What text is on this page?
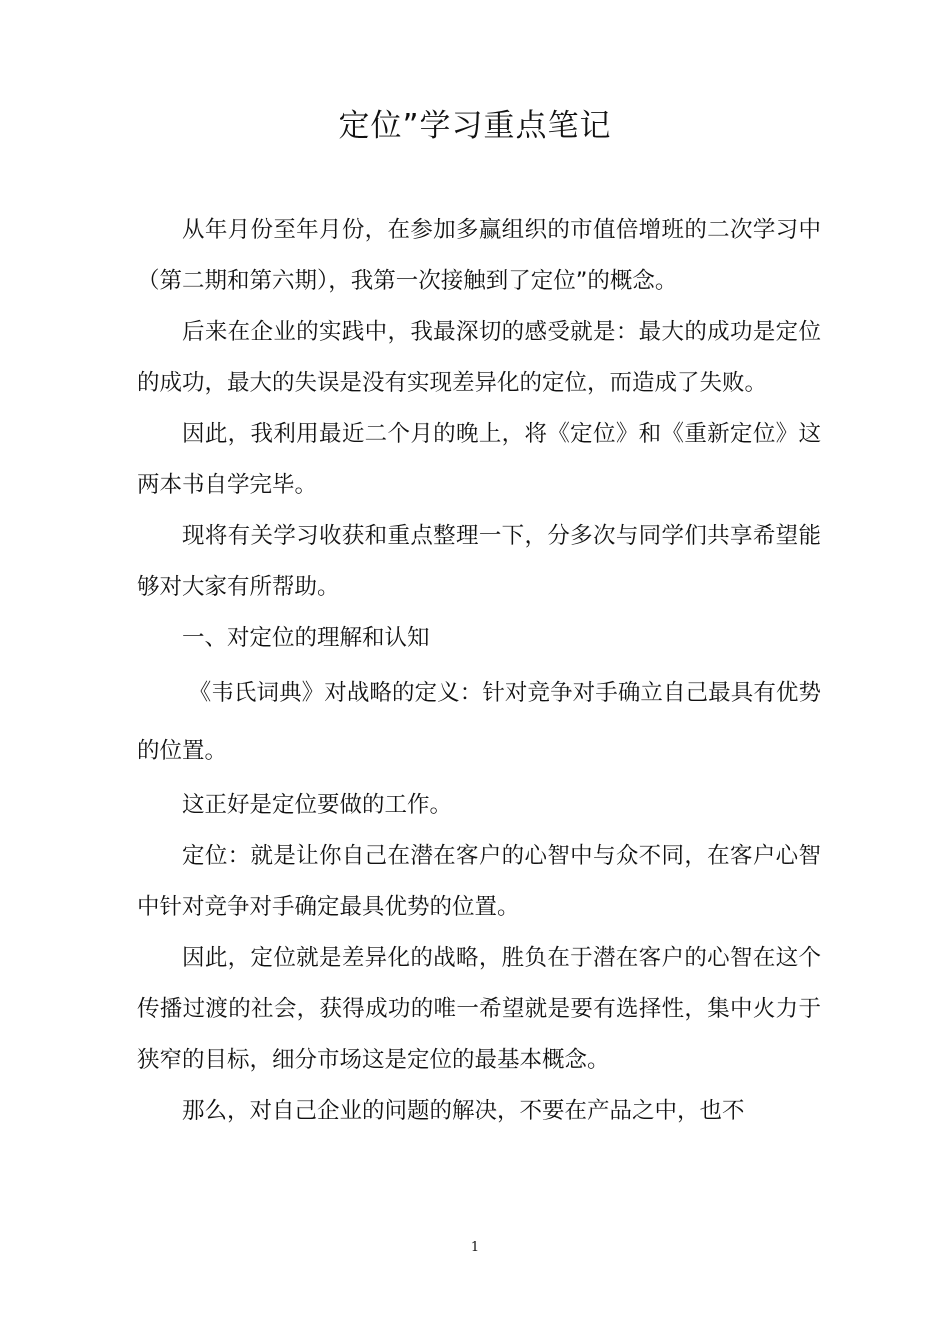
定位”学习重点笔记

从年月份至年月份，在参加多赢组织的市值倍增班的二次学习中（第二期和第六期），我第一次接触到了定位”的概念。

后来在企业的实践中，我最深切的感受就是：最大的成功是定位的成功，最大的失误是没有实现差异化的定位，而造成了失败。

因此，我利用最近二个月的晚上，将《定位》和《重新定位》这两本书自学完毕。

现将有关学习收获和重点整理一下，分多次与同学们共享希望能够对大家有所帮助。

一、对定位的理解和认知

《韦氏词典》对战略的定义：针对竞争对手确立自己最具有优势的位置。

这正好是定位要做的工作。

定位：就是让你自己在潜在客户的心智中与众不同，在客户心智中针对竞争对手确定最具优势的位置。

因此，定位就是差异化的战略，胜负在于潜在客户的心智在这个传播过渡的社会，获得成功的唯一希望就是要有选择性，集中火力于狭窄的目标，细分市场这是定位的最基本概念。

那么，对自己企业的问题的解决，不要在产品之中，也不

1
